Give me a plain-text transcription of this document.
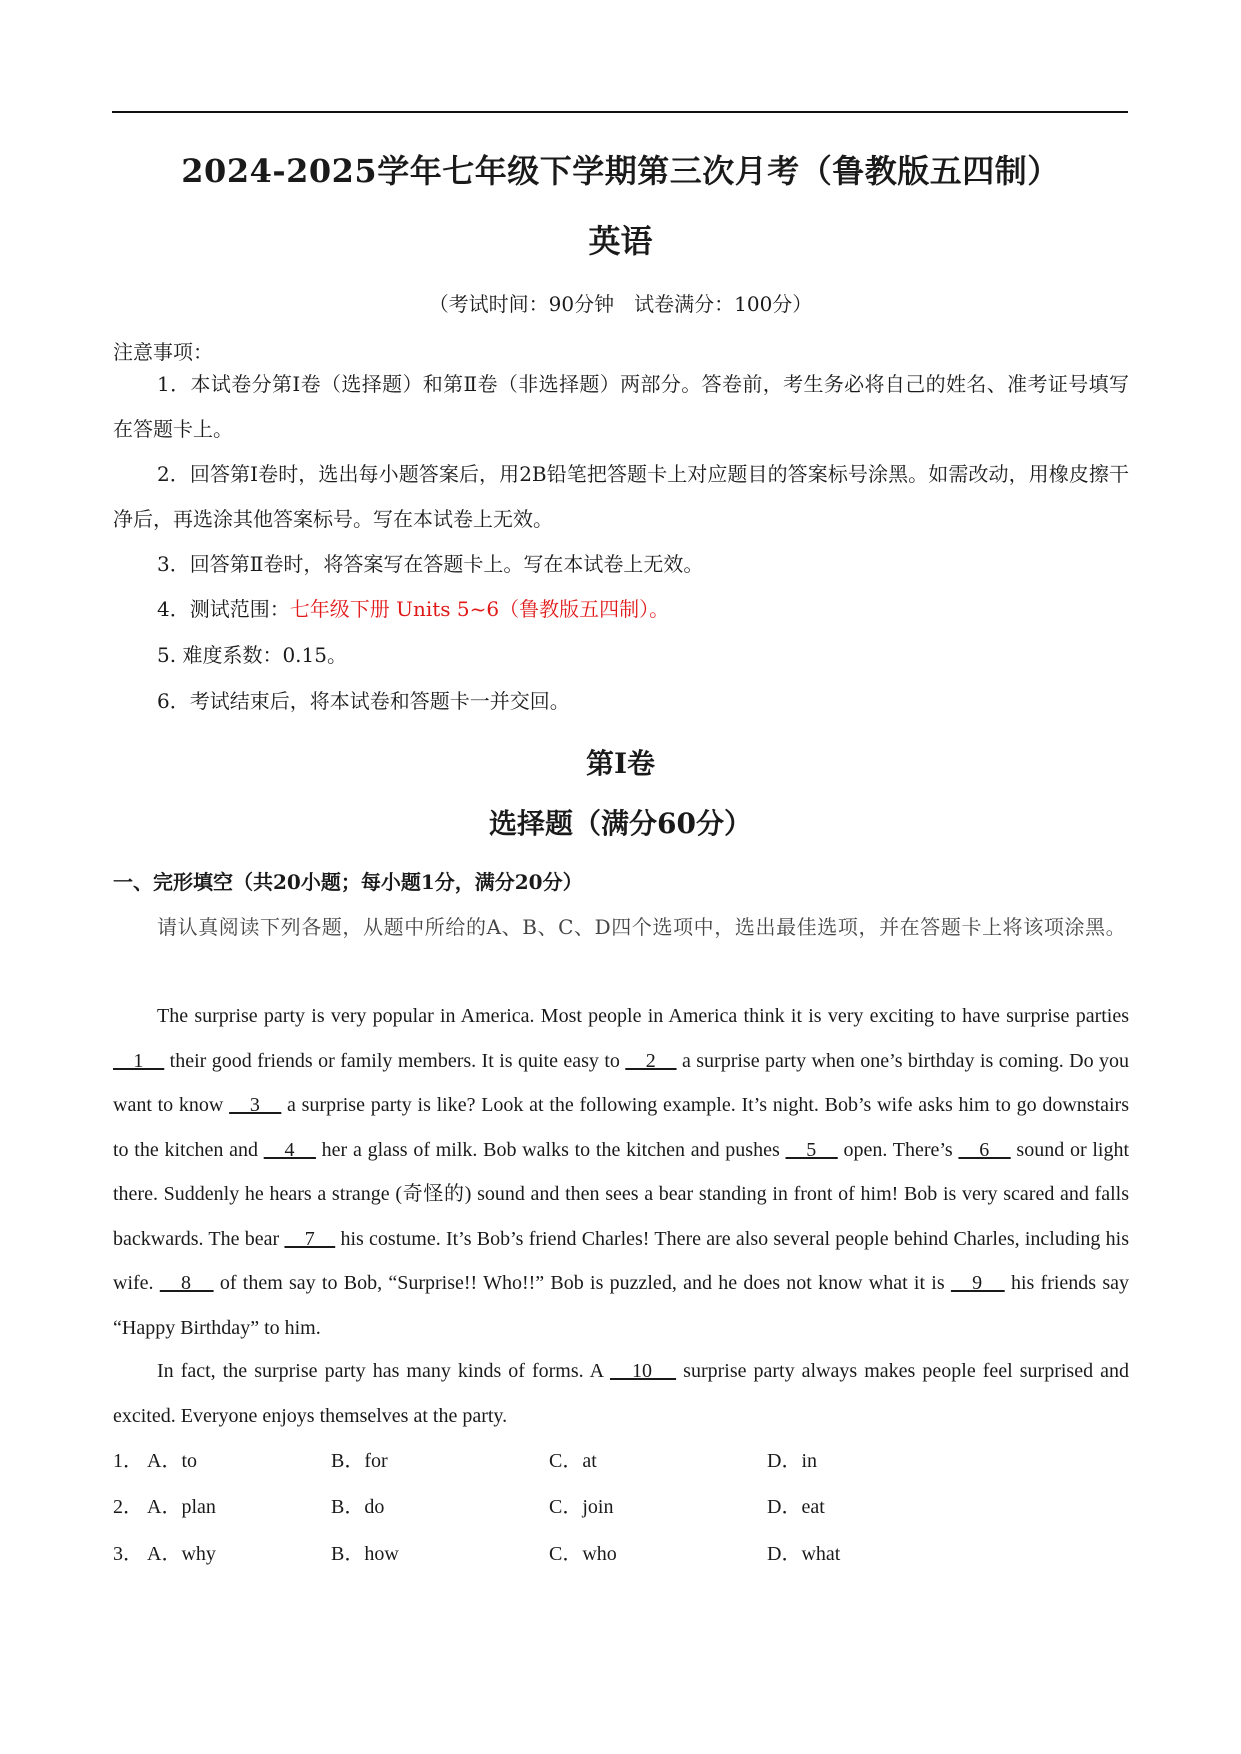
2024-2025学年七年级下学期第三次月考（鲁教版五四制）
英语
（考试时间：90分钟　试卷满分：100分）
注意事项：
1．本试卷分第Ⅰ卷（选择题）和第Ⅱ卷（非选择题）两部分。答卷前，考生务必将自己的姓名、准考证号填写在答题卡上。
2．回答第Ⅰ卷时，选出每小题答案后，用2B铅笔把答题卡上对应题目的答案标号涂黑。如需改动，用橡皮擦干净后，再选涂其他答案标号。写在本试卷上无效。
3．回答第Ⅱ卷时，将答案写在答题卡上。写在本试卷上无效。
4．测试范围：七年级下册 Units 5~6（鲁教版五四制）。
5. 难度系数：0.15。
6．考试结束后，将本试卷和答题卡一并交回。
第Ⅰ卷
选择题（满分60分）
一、完形填空（共20小题；每小题1分，满分20分）
请认真阅读下列各题，从题中所给的A、B、C、D四个选项中，选出最佳选项，并在答题卡上将该项涂黑。
The surprise party is very popular in America. Most people in America think it is very exciting to have surprise parties 　1　 their good friends or family members. It is quite easy to 　2　 a surprise party when one’s birthday is coming. Do you want to know 　3　 a surprise party is like? Look at the following example. It’s night. Bob’s wife asks him to go downstairs to the kitchen and 　4　 her a glass of milk. Bob walks to the kitchen and pushes 　5　 open. There’s 　6　 sound or light there. Suddenly he hears a strange (奇怪的) sound and then sees a bear standing in front of him! Bob is very scared and falls backwards. The bear 　7　 his costume. It’s Bob’s friend Charles! There are also several people behind Charles, including his wife. 　8　 of them say to Bob, “Surprise!! Who!!” Bob is puzzled, and he does not know what it is 　9　 his friends say “Happy Birthday” to him.
In fact, the surprise party has many kinds of forms. A 　10　 surprise party always makes people feel surprised and excited. Everyone enjoys themselves at the party.
1． A．to	B．for	C．at	D．in
2． A．plan	B．do	C．join	D．eat
3． A．why	B．how	C．who	D．what
